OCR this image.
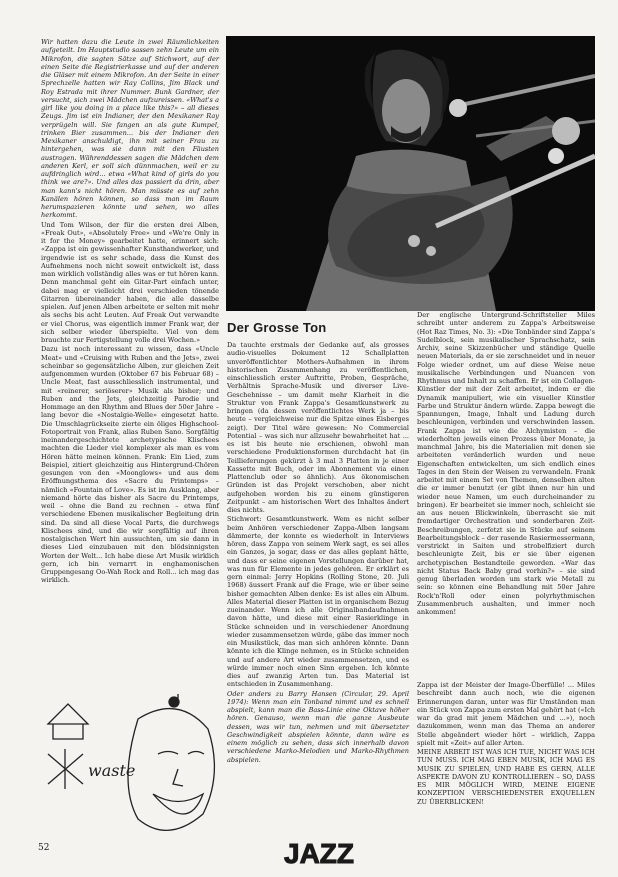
Wir hatten dazu die Leute in zwei Räumlichkeiten aufgeteilt. Im Hauptstudio sassen zehn Leute um ein Mikrofon, die sagten Sätze auf Stichwort, auf der einen Seite die Registrierkasse und auf der anderen die Gläser mit einem Mikrofon. An der Seite in einer Sprechzelle hatten wir Ray Collins, Jim Black und Roy Estrada mit ihrer Nummer. Bunk Gardner, der versucht, sich zwei Mädchen aufzureissen. «What's a girl like you doing in a place like this?» – all dieses Zeugs. Jim ist ein Indianer, der den Mexikaner Ray verprügeln will. Sie fangen an als gute Kumpel, trinken Bier zusammen... bis der Indianer den Mexikaner anschuldigt, ihn mit seiner Frau zu hintergehen, was sie dann mit den Fäusten austragen. Währenddessen sagen die Mädchen dem anderen Kerl, er soll sich dünnmachen, weil er zu aufdringlich wird... etwa «What kind of girls do you think we are?». Und alles das passiert da drin, aber man kann's nicht hören. Man müsste es auf zehn Kanälen hören können, so dass man im Raum herumspazieren könnte und sehen, wo alles herkommt.

Und Tom Wilson, der für die ersten drei Alben, «Freak Out», «Absolutely Free» und «We're Only in it for the Money» gearbeitet hatte, erinnert sich: «Zappa ist ein gewissenhafter Kunsthandwerker, und irgendwie ist es sehr schade, dass die Kunst des Aufnehmens noch nicht soweit entwickelt ist, dass man wirklich vollständig alles was er tut hören kann. Denn manchmal geht ein Gitar-Part einfach unter, dabei mag er vielleicht drei verschieden tönende Gitarren übereinander haben, die alle dasselbe spielen. Auf jenen Alben arbeitete er selten mit mehr als sechs bis acht Leuten. Auf Freak Out verwandte er viel Chorus, was eigentlich immer Frank war, der sich selber wieder überspielte. Viel von dem brauchte zur Fertigstellung volle drei Wochen.»

Dazu ist noch interessant zu wissen, dass «Uncle Meat» und «Cruising with Ruben and the Jets», zwei scheinbar so gegensätzliche Alben, zur gleichen Zeit aufgenommen wurden (Oktober 67 bis Februar 68) – Uncle Meat, fast ausschliesslich instrumental, und mit «reinerer, seriöserer» Musik als bisher; und Ruben and the Jets, gleichzeitig Parodie und Hommage an den Rhythm and Blues der 50er Jahre – lang bevor die «Nostalgie-Welle» eingesetzt hatte. Die Umschlagrückseite zierte ein öliges Highschool-Fotoportrait von Frank, alias Ruben Sano. Sorgfältig ineinandergeschichtete archetypische Klischees machten die Lieder viel komplexer als man es vom Hören hätte meinen können. Frank: Ein Lied, zum Beispiel, zitiert gleichzeitig aus Hintergrund-Chören gesungen von den «Moonglows» und aus dem Eröffnungsthema des «Sacre du Printemps» – nämlich «Fountain of Love». Es ist im Ausklang, aber niemand hörte das bisher als Sacre du Printemps, weil – ohne die Band zu rechnen – etwa fünf verschiedene Ebenen musikalischer Begleitung drin sind. Da sind all diese Vocal Parts, die durchwegs Klischees sind, und die wir sorgfältig auf ihren nostalgischen Wert hin aussuchten, um sie dann in dieses Lied einzubauen mit den blödsinnigsten Worten der Welt... Ich habe diese Art Musik wirklich gern, ich bin vernarrt in enghamonischen Gruppengesang Oo-Wah Rock and Roll... ich mag das wirklich.

Der Grosse Ton

Da tauchte erstmals der Gedanke auf, als grosses audio-visuelles Dokument 12 Schallplatten unveröffentlichter Mothers-Aufnahmen in ihrem historischen Zusammenhang zu veröffentlichen, einschliesslich erster Auftritte, Proben, Gespräche, Verhältnis Sprache-Musik und diverser Live-Geschehnisse – um damit mehr Klarheit in die Struktur von Frank Zappa's Gesamtkunstwerk zu bringen (da dessen veröffentlichtes Werk ja – bis heute – vergleichweise nur die Spitze eines Eisberges zeigt). Der Titel wäre gewesen: No Commercial Potential – was sich nur allzusehr bewahrheitet hat ... es ist bis heute nie erschienen, obwohl man verschiedene Produktionsformen durchdacht hat (in Teillieferungen gekürzt à 3 mal 3 Platten in je einer Kassette mit Buch, oder im Abonnement via einen Plattenclub oder so ähnlich). Aus ökonomischen Gründen ist das Projekt verschoben, aber nicht aufgehoben worden bis zu einem günstigeren Zeitpunkt – am historischen Wert des Inhaltes ändert dies nichts.

Stichwort: Gesamtkunstwerk. Wem es nicht selber beim Anhören verschiedener Zappa-Alben langsam dämmerte, der konnte es wiederholt in Interviews hören, dass Zappa von seinem Werk sagt, es sei alles ein Ganzes, ja sogar, dass er das alles geplant hätte, und dass er seine eigenen Vorstellungen darüber hat, was nun für Elemente in jedes gehören. Er erklärt es gern einmal: Jerry Hopkins (Rolling Stone, 20. Juli 1968) äussert Frank auf die Frage, wie er über seine bisher gemachten Alben denke: Es ist alles ein Album. Alles Material dieser Platten ist in organischem Bezug zueinander. Wenn ich alle Originalbandaufnahmen davon hätte, und diese mit einer Rasierklinge in Stücke schneiden und in verschiedener Anordnung wieder zusammensetzen würde, gäbe das immer noch ein Musikstück, das man sich anhören könnte. Dann könnte ich die Klinge nehmen, es in Stücke schneiden und auf andere Art wieder zusammensetzen, und es würde immer noch einen Sinn ergeben. Ich könnte dies auf zwanzig Arten tun. Das Material ist entschieden in Zusammenhang.

Oder anders zu Barry Hansen (Circular, 29. April 1974): Wenn man ein Tonband nimmt und es schnell abspielt, kann man die Bass-Linie eine Oktave höher hören. Genauso, wenn man die ganze Ausbeute dessen, was wir tun, nehmen und mit übersetzter Geschwindigkeit abspielen könnte, dann wäre es einem möglich zu sehen, dass sich innerhalb davon verschiedene Marko-Melodien und Marko-Rhythmen abspielen.

Der englische Untergrund-Schriftsteller Miles schreibt unter anderem zu Zappa's Arbeitsweise (Hot Raz Times, No. 3): «Die Tonbänder sind Zappa's Sudelblock, sein musikalischer Sprachschatz, sein Archiv, seine Skizzenbücher und ständige Quelle neuen Materials, da er sie zerschneidet und in neuer Folge wieder ordnet, um auf diese Weise neue musikalische Verbindungen und Nuancen von Rhythmus und Inhalt zu schaffen. Er ist ein Collagen-Künstler der mit der Zeit arbeitet, indem er die Dynamik manipuliert, wie ein visueller Künstler Farbe und Struktur ändern würde. Zappa bewegt die Spannungen, Image, Inhalt und Ladung durch beschleunigen, verbinden und verschwinden lassen. Frank Zappa ist wie die Alchymisten – die wiederholten jeweils einen Prozess über Monate, ja manchmal Jahre, bis die Materialien mit denen sie arbeiteten veränderlich wurden und neue Eigenschaften entwickelten, um sich endlich eines Tages in den Stein der Weisen zu verwandeln. Frank arbeitet mit einem Set von Themen, denselben alten die er immer benutzt (er gibt ihnen nur hin und wieder neue Namen, um euch durcheinander zu bringen). Er bearbeitet sie immer noch, schleicht sie an aus neuen Blickwinkeln, überrascht sie mit fremdartiger Orchestration und sonderbaren Zeit-Beschreibungen, zerfetzt sie in Stücke auf seinem Bearbeitungsblock – der rasende Rasiermessermann, verstrickt in Saiten und strobelfiziert durch beschleunigte Zeit, bis er sie über eigenen archetypischen Bestandteile geworden. «War das nicht Status Back Baby grad vorhin?» – sie sind genug überladen worden um stark wie Metall zu sein: so können eine Behandlung mit 50er Jahre Rock'n'Roll oder einen polyrhythmischen Zusammenbruch aushalten, und immer noch ankommen!

Zappa ist der Meister der Image-Überfülle! ... Miles beschreibt dann auch noch, wie die eigenen Erinnerungen daran, unter was für Umständen man ein Stück von Zappa zum ersten Mal gehört hat («Ich war da grad mit jenem Mädchen und ...»), noch dazukommen, wenn man das Thema an anderer Stelle abgeändert wieder hört – wirklich, Zappa spielt mit «Zeit» auf aller Arten.

MEINE ARBEIT IST WAS ICH TUE, NICHT WAS ICH TUN MUSS. ICH MAG EBEN MUSIK, ICH MAG ES MUSIK ZU SPIELEN, UND HABE ES GERN, ALLE ASPEKTE DAVON ZU KONTROLLIEREN – SO, DASS ES MIR MÖGLICH WIRD, MEINE EIGENE KONZEPTION VERSCHIEDENSTER EXQUELLEN ZU ÜBERBLICKEN!

waste
52	JAZZ
